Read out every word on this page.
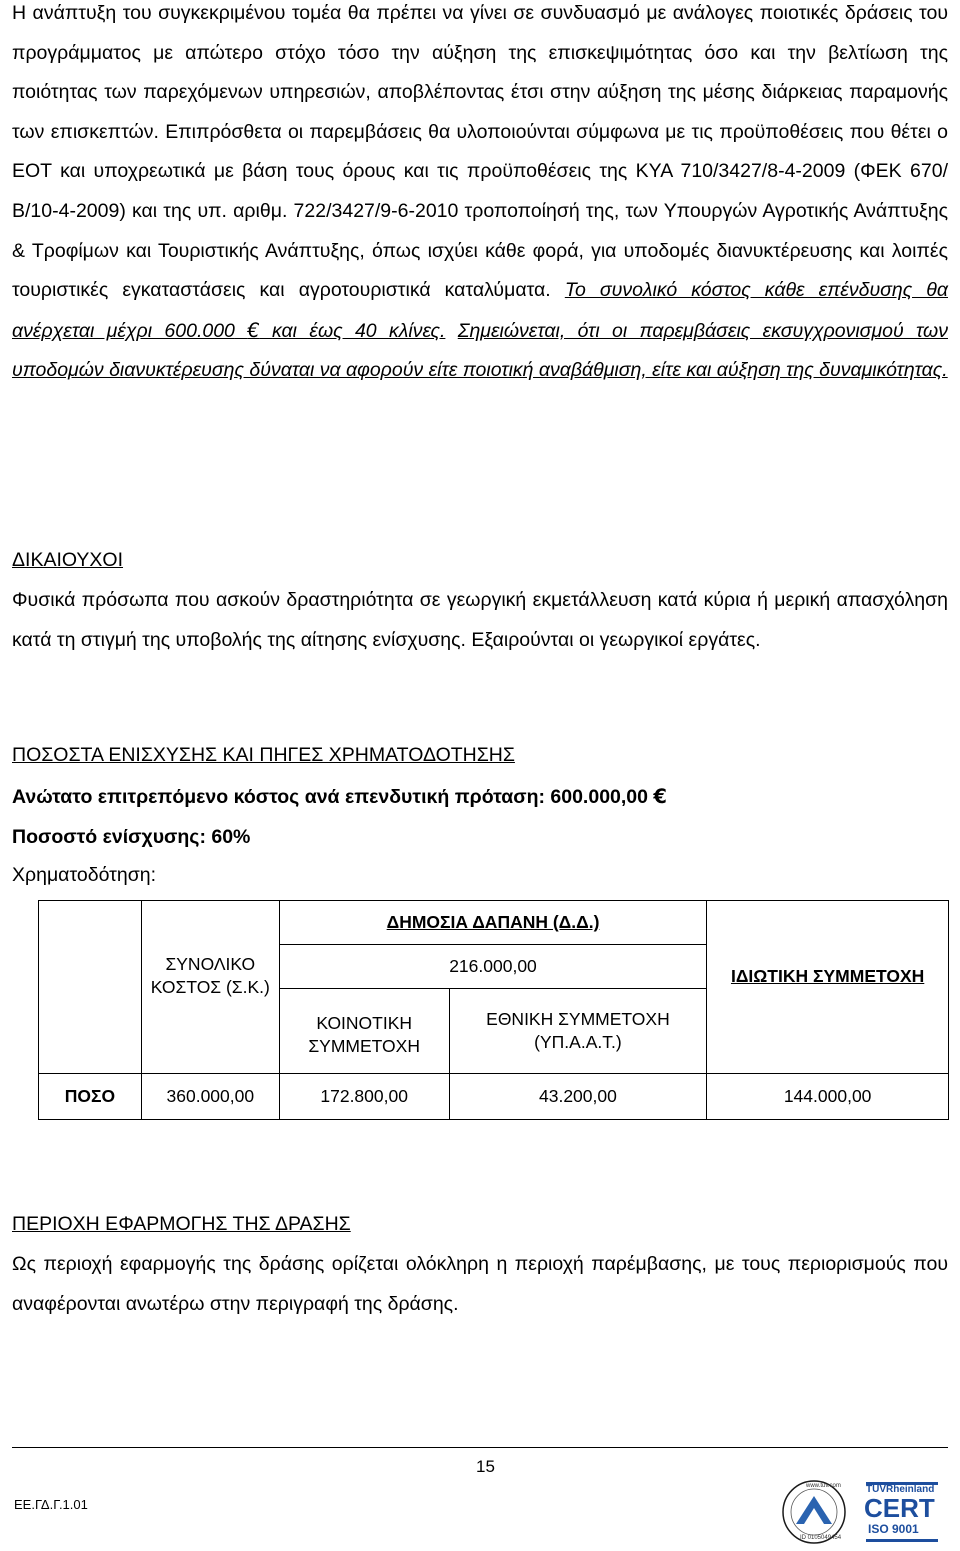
Η ανάπτυξη του συγκεκριμένου τομέα θα πρέπει να γίνει σε συνδυασμό με ανάλογες ποιοτικές δράσεις του προγράμματος με απώτερο στόχο τόσο την αύξηση της επισκεψιμότητας όσο και την βελτίωση της ποιότητας των παρεχόμενων υπηρεσιών, αποβλέποντας έτσι στην αύξηση της μέσης διάρκειας παραμονής των επισκεπτών. Επιπρόσθετα οι παρεμβάσεις θα υλοποιούνται σύμφωνα με τις προϋποθέσεις που θέτει ο ΕΟΤ και υποχρεωτικά με βάση τους όρους και τις προϋποθέσεις της ΚΥΑ 710/3427/8-4-2009 (ΦΕΚ 670/Β/10-4-2009) και της υπ. αριθμ. 722/3427/9-6-2010 τροποποίησή της, των Υπουργών Αγροτικής Ανάπτυξης & Τροφίμων και Τουριστικής Ανάπτυξης, όπως ισχύει κάθε φορά, για υποδομές διανυκτέρευσης και λοιπές τουριστικές εγκαταστάσεις και αγροτουριστικά καταλύματα. Το συνολικό κόστος κάθε επένδυσης θα ανέρχεται μέχρι 600.000 € και έως 40 κλίνες. Σημειώνεται, ότι οι παρεμβάσεις εκσυγχρονισμού των υποδομών διανυκτέρευσης δύναται να αφορούν είτε ποιοτική αναβάθμιση, είτε και αύξηση της δυναμικότητας.

ΔΙΚΑΙΟΥΧΟΙ

Φυσικά πρόσωπα που ασκούν δραστηριότητα σε γεωργική εκμετάλλευση κατά κύρια ή μερική απασχόληση κατά τη στιγμή της υποβολής της αίτησης ενίσχυσης. Εξαιρούνται οι γεωργικοί εργάτες.

ΠΟΣΟΣΤΑ ΕΝΙΣΧΥΣΗΣ ΚΑΙ ΠΗΓΕΣ ΧΡΗΜΑΤΟΔΟΤΗΣΗΣ
Ανώτατο επιτρεπόμενο κόστος ανά επενδυτική πρόταση: 600.000,00 €
Ποσοστό ενίσχυσης: 60%
Χρηματοδότηση:
	ΣΥΝΟΛΙΚΟ ΚΟΣΤΟΣ (Σ.Κ.)	ΔΗΜΟΣΙΑ ΔΑΠΑΝΗ (Δ.Δ.)		ΙΔΙΩΤΙΚΗ ΣΥΜΜΕΤΟΧΗ
		216.000,00		
		ΚΟΙΝΟΤΙΚΗ ΣΥΜΜΕΤΟΧΗ	ΕΘΝΙΚΗ ΣΥΜΜΕΤΟΧΗ (ΥΠ.Α.Α.Τ.)	
ΠΟΣΟ	360.000,00	172.800,00	43.200,00	144.000,00
ΠΕΡΙΟΧΗ ΕΦΑΡΜΟΓΗΣ ΤΗΣ ΔΡΑΣΗΣ

Ως περιοχή εφαρμογής της δράσης ορίζεται ολόκληρη η περιοχή παρέμβασης, με τους περιορισμούς που αναφέρονται ανωτέρω στην περιγραφή της δράσης.

15
ΕΕ.ΓΔ.Γ.1.01
TÜVRheinland
CERT
ISO 9001
www.tuv.com
ID 0105049454
